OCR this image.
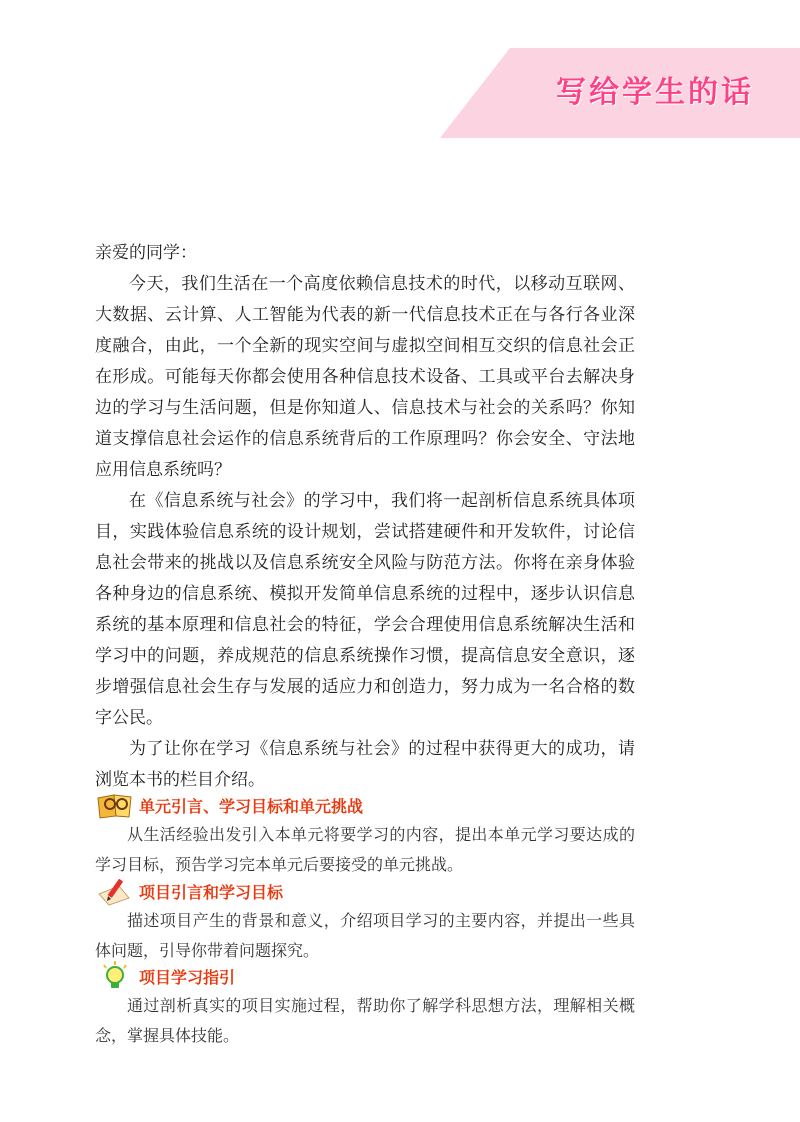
写给学生的话

亲爱的同学：

今天，我们生活在一个高度依赖信息技术的时代，以移动互联网、大数据、云计算、人工智能为代表的新一代信息技术正在与各行各业深度融合，由此，一个全新的现实空间与虚拟空间相互交织的信息社会正在形成。可能每天你都会使用各种信息技术设备、工具或平台去解决身边的学习与生活问题，但是你知道人、信息技术与社会的关系吗？你知道支撑信息社会运作的信息系统背后的工作原理吗？你会安全、守法地应用信息系统吗？

在《信息系统与社会》的学习中，我们将一起剖析信息系统具体项目，实践体验信息系统的设计规划，尝试搭建硬件和开发软件，讨论信息社会带来的挑战以及信息系统安全风险与防范方法。你将在亲身体验各种身边的信息系统、模拟开发简单信息系统的过程中，逐步认识信息系统的基本原理和信息社会的特征，学会合理使用信息系统解决生活和学习中的问题，养成规范的信息系统操作习惯，提高信息安全意识，逐步增强信息社会生存与发展的适应力和创造力，努力成为一名合格的数字公民。

为了让你在学习《信息系统与社会》的过程中获得更大的成功，请浏览本书的栏目介绍。

单元引言、学习目标和单元挑战

从生活经验出发引入本单元将要学习的内容，提出本单元学习要达成的学习目标，预告学习完本单元后要接受的单元挑战。

项目引言和学习目标

描述项目产生的背景和意义，介绍项目学习的主要内容，并提出一些具体问题，引导你带着问题探究。

项目学习指引

通过剖析真实的项目实施过程，帮助你了解学科思想方法，理解相关概念，掌握具体技能。
